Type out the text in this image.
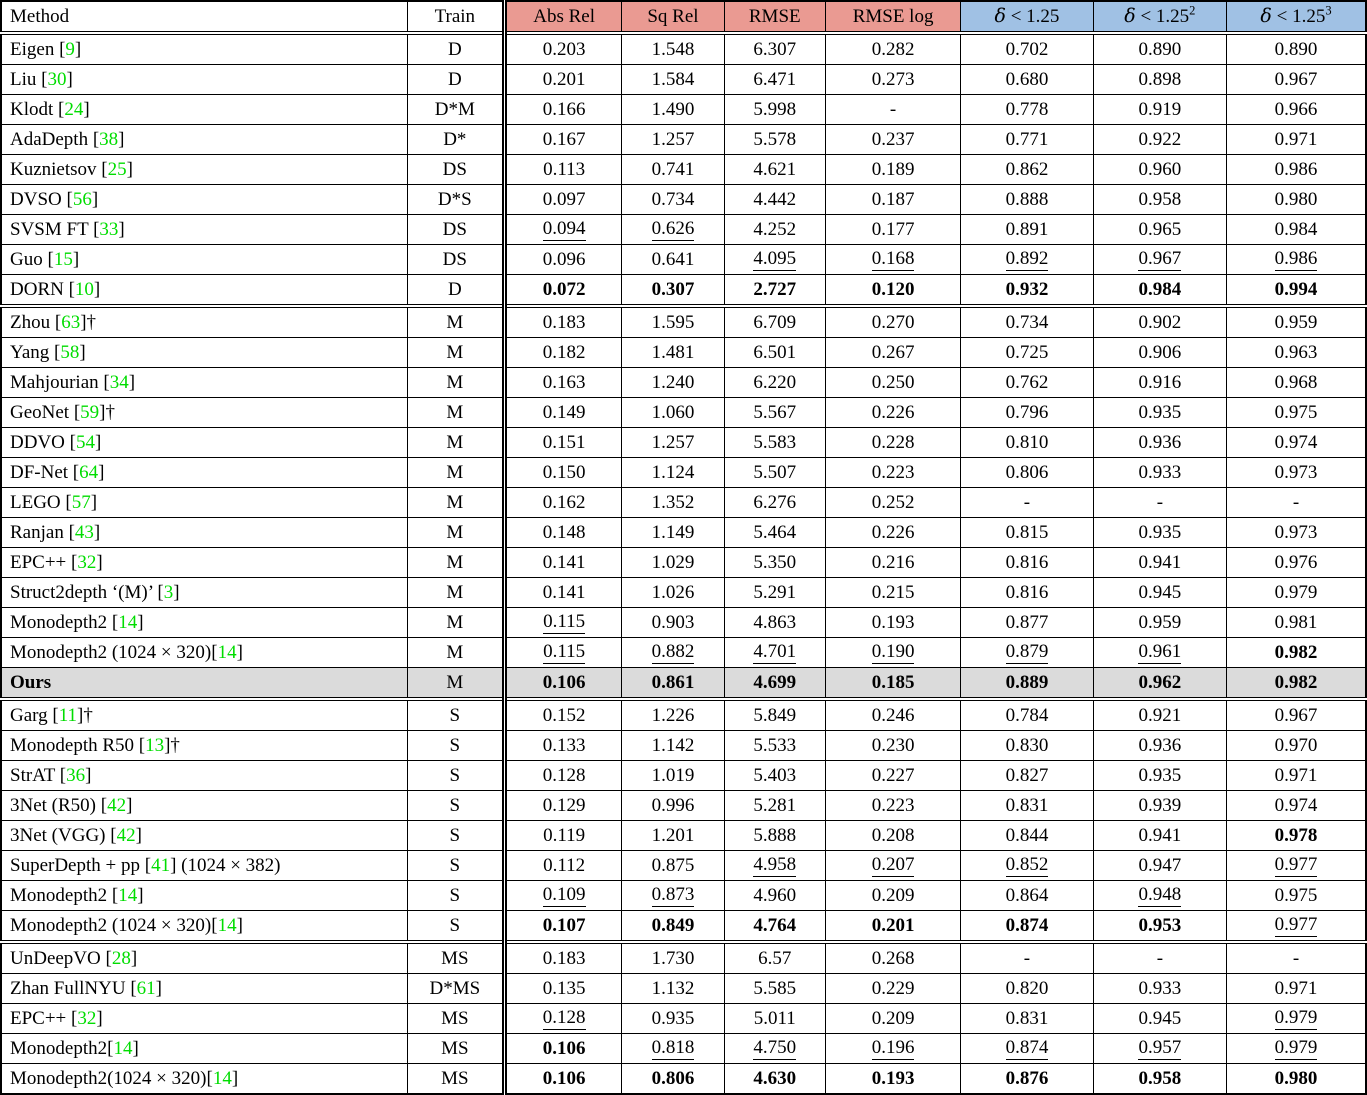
Method	Train	Abs Rel	Sq Rel	RMSE	RMSE log	δ < 1.25	$\delta < 1.25^2$	$\delta < 1.25^3$
Eigen [9]	D	0.203	1.548	6.307	0.282	0.702	0.890	0.890
Liu [30]	D	0.201	1.584	6.471	0.273	0.680	0.898	0.967
Klodt [24]	D*M	0.166	1.490	5.998	-	0.778	0.919	0.966
AdaDepth [38]	D*	0.167	1.257	5.578	0.237	0.771	0.922	0.971
Kuznietsov [25]	DS	0.113	0.741	4.621	0.189	0.862	0.960	0.986
DVSO [56]	D*S	0.097	0.734	4.442	0.187	0.888	0.958	0.980
SVSM FT [33]	DS	0.094	0.626	4.252	0.177	0.891	0.965	0.984
Guo [15]	DS	0.096	0.641	4.095	0.168	0.892	0.967	0.986
DORN [10]	D	0.072	0.307	2.727	0.120	0.932	0.984	0.994
Zhou [63]†	M	0.183	1.595	6.709	0.270	0.734	0.902	0.959
Yang [58]	M	0.182	1.481	6.501	0.267	0.725	0.906	0.963
Mahjourian [34]	M	0.163	1.240	6.220	0.250	0.762	0.916	0.968
GeoNet [59]†	M	0.149	1.060	5.567	0.226	0.796	0.935	0.975
DDVO [54]	M	0.151	1.257	5.583	0.228	0.810	0.936	0.974
DF-Net [64]	M	0.150	1.124	5.507	0.223	0.806	0.933	0.973
LEGO [57]	M	0.162	1.352	6.276	0.252	-	-	-
Ranjan [43]	M	0.148	1.149	5.464	0.226	0.815	0.935	0.973
EPC++ [32]	M	0.141	1.029	5.350	0.216	0.816	0.941	0.976
Struct2depth ‘(M)’ [3]	M	0.141	1.026	5.291	0.215	0.816	0.945	0.979
Monodepth2 [14]	M	0.115	0.903	4.863	0.193	0.877	0.959	0.981
Monodepth2 (1024 × 320)[14]	M	0.115	0.882	4.701	0.190	0.879	0.961	0.982
Ours	M	0.106	0.861	4.699	0.185	0.889	0.962	0.982
Garg [11]†	S	0.152	1.226	5.849	0.246	0.784	0.921	0.967
Monodepth R50 [13]†	S	0.133	1.142	5.533	0.230	0.830	0.936	0.970
StrAT [36]	S	0.128	1.019	5.403	0.227	0.827	0.935	0.971
3Net (R50) [42]	S	0.129	0.996	5.281	0.223	0.831	0.939	0.974
3Net (VGG) [42]	S	0.119	1.201	5.888	0.208	0.844	0.941	0.978
SuperDepth + pp [41] (1024 × 382)	S	0.112	0.875	4.958	0.207	0.852	0.947	0.977
Monodepth2 [14]	S	0.109	0.873	4.960	0.209	0.864	0.948	0.975
Monodepth2 (1024 × 320)[14]	S	0.107	0.849	4.764	0.201	0.874	0.953	0.977
UnDeepVO [28]	MS	0.183	1.730	6.57	0.268	-	-	-
Zhan FullNYU [61]	D*MS	0.135	1.132	5.585	0.229	0.820	0.933	0.971
EPC++ [32]	MS	0.128	0.935	5.011	0.209	0.831	0.945	0.979
Monodepth2[14]	MS	0.106	0.818	4.750	0.196	0.874	0.957	0.979
Monodepth2(1024 × 320)[14]	MS	0.106	0.806	4.630	0.193	0.876	0.958	0.980
